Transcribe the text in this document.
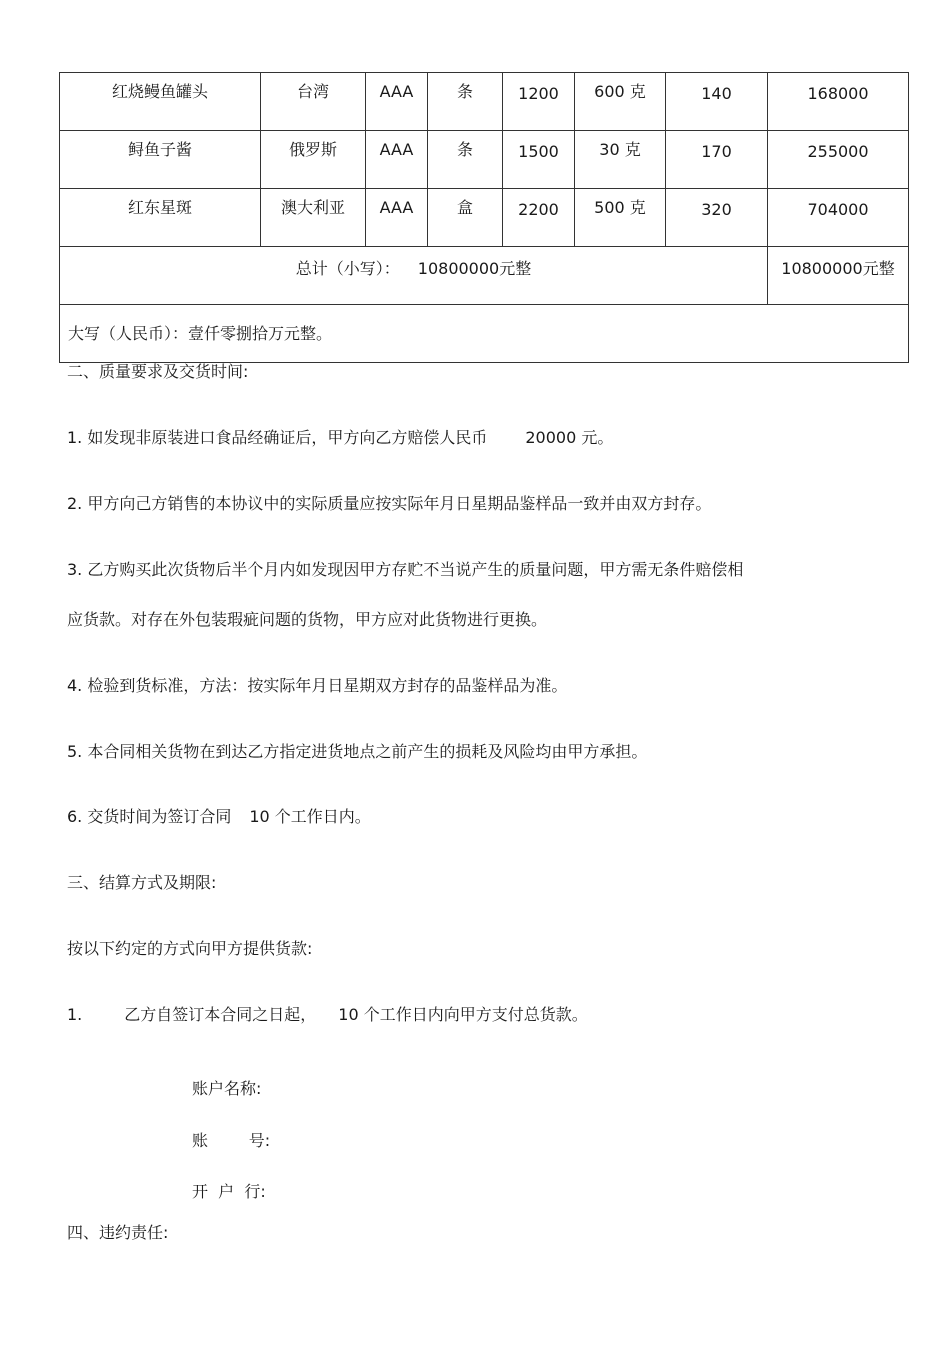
红烧鳗鱼罐头	台湾	AAA	条	1200	600 克	140	168000

鲟鱼子酱	俄罗斯	AAA	条	1500	30 克	170	255000

红东星斑	澳大利亚	AAA	盒	2200	500 克	320	704000

总计（小写）： 10800000元整							10800000元整

大写（人民币）：壹仟零捌拾万元整。							
二、质量要求及交货时间:
1. 如发现非原装进口食品经确证后，甲方向乙方赔偿人民币 20000 元。
2. 甲方向己方销售的本协议中的实际质量应按实际年月日星期品鉴样品一致并由双方封存。
3. 乙方购买此次货物后半个月内如发现因甲方存贮不当说产生的质量问题，甲方需无条件赔偿相
应货款。对存在外包装瑕疵问题的货物，甲方应对此货物进行更换。
4. 检验到货标准，方法：按实际年月日星期双方封存的品鉴样品为准。
5. 本合同相关货物在到达乙方指定进货地点之前产生的损耗及风险均由甲方承担。
6. 交货时间为签订合同 10 个工作日内。
三、结算方式及期限:
按以下约定的方式向甲方提供货款:
1.	乙方自签订本合同之日起， 10 个工作日内向甲方支付总货款。
账户名称:
账        号:
开  户  行:
四、违约责任:
